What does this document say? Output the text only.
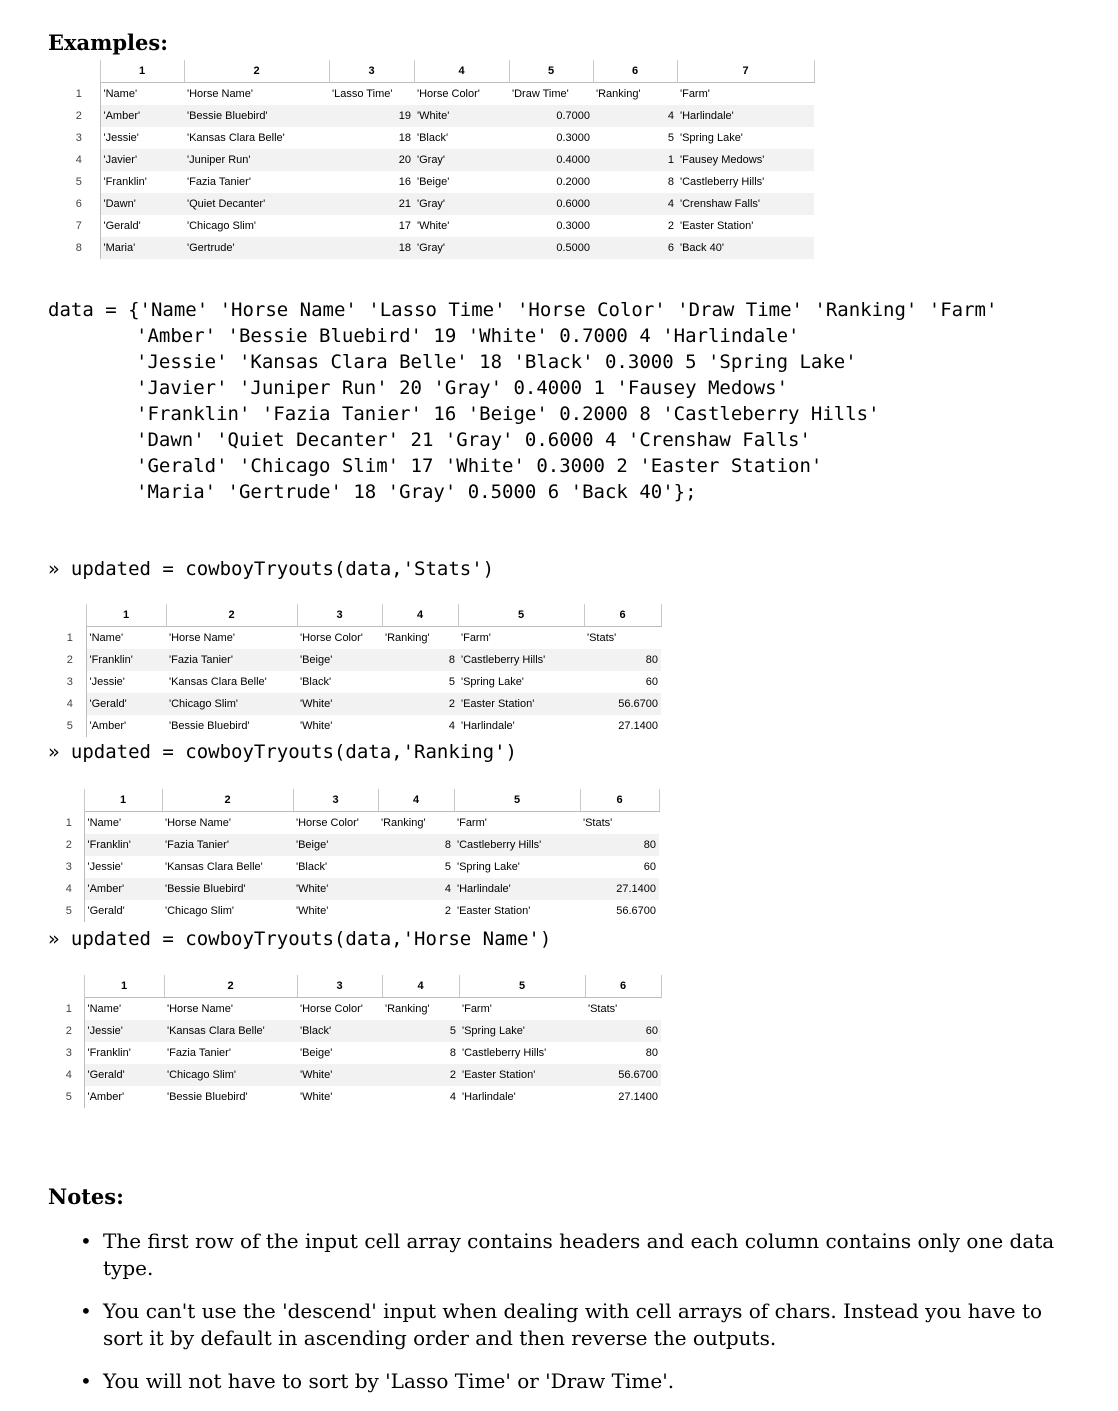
Examples:
	1	2	3	4	5	6	7
1	'Name'	'Horse Name'	'Lasso Time'	'Horse Color'	'Draw Time'	'Ranking'	'Farm'
2	'Amber'	'Bessie Bluebird'	19	'White'	0.7000	4	'Harlindale'
3	'Jessie'	'Kansas Clara Belle'	18	'Black'	0.3000	5	'Spring Lake'
4	'Javier'	'Juniper Run'	20	'Gray'	0.4000	1	'Fausey Medows'
5	'Franklin'	'Fazia Tanier'	16	'Beige'	0.2000	8	'Castleberry Hills'
6	'Dawn'	'Quiet Decanter'	21	'Gray'	0.6000	4	'Crenshaw Falls'
7	'Gerald'	'Chicago Slim'	17	'White'	0.3000	2	'Easter Station'
8	'Maria'	'Gertrude'	18	'Gray'	0.5000	6	'Back 40'
data = {'Name' 'Horse Name' 'Lasso Time' 'Horse Color' 'Draw Time' 'Ranking' 'Farm'
'Amber' 'Bessie Bluebird' 19 'White' 0.7000 4 'Harlindale'
'Jessie' 'Kansas Clara Belle' 18 'Black' 0.3000 5 'Spring Lake'
'Javier' 'Juniper Run' 20 'Gray' 0.4000 1 'Fausey Medows'
'Franklin' 'Fazia Tanier' 16 'Beige' 0.2000 8 'Castleberry Hills'
'Dawn' 'Quiet Decanter' 21 'Gray' 0.6000 4 'Crenshaw Falls'
'Gerald' 'Chicago Slim' 17 'White' 0.3000 2 'Easter Station'
'Maria' 'Gertrude' 18 'Gray' 0.5000 6 'Back 40'};
» updated = cowboyTryouts(data,'Stats')
	1	2	3	4	5	6
1	'Name'	'Horse Name'	'Horse Color'	'Ranking'	'Farm'	'Stats'
2	'Franklin'	'Fazia Tanier'	'Beige'	8	'Castleberry Hills'	80
3	'Jessie'	'Kansas Clara Belle'	'Black'	5	'Spring Lake'	60
4	'Gerald'	'Chicago Slim'	'White'	2	'Easter Station'	56.6700
5	'Amber'	'Bessie Bluebird'	'White'	4	'Harlindale'	27.1400
» updated = cowboyTryouts(data,'Ranking')
	1	2	3	4	5	6
1	'Name'	'Horse Name'	'Horse Color'	'Ranking'	'Farm'	'Stats'
2	'Franklin'	'Fazia Tanier'	'Beige'	8	'Castleberry Hills'	80
3	'Jessie'	'Kansas Clara Belle'	'Black'	5	'Spring Lake'	60
4	'Amber'	'Bessie Bluebird'	'White'	4	'Harlindale'	27.1400
5	'Gerald'	'Chicago Slim'	'White'	2	'Easter Station'	56.6700
» updated = cowboyTryouts(data,'Horse Name')
	1	2	3	4	5	6
1	'Name'	'Horse Name'	'Horse Color'	'Ranking'	'Farm'	'Stats'
2	'Jessie'	'Kansas Clara Belle'	'Black'	5	'Spring Lake'	60
3	'Franklin'	'Fazia Tanier'	'Beige'	8	'Castleberry Hills'	80
4	'Gerald'	'Chicago Slim'	'White'	2	'Easter Station'	56.6700
5	'Amber'	'Bessie Bluebird'	'White'	4	'Harlindale'	27.1400
Notes:
• The first row of the input cell array contains headers and each column contains only one data type.
• You can't use the 'descend' input when dealing with cell arrays of chars. Instead you have to sort it by default in ascending order and then reverse the outputs.
• You will not have to sort by 'Lasso Time' or 'Draw Time'.
